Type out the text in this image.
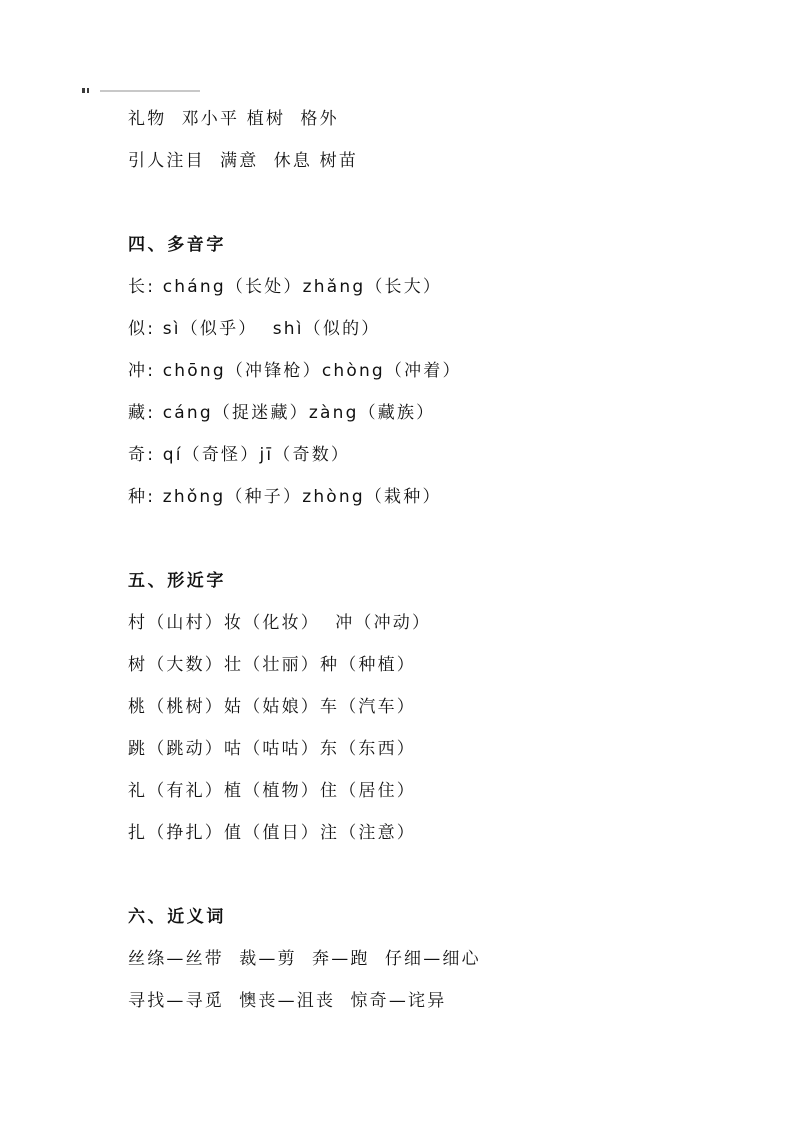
礼物  邓小平 植树  格外
引人注目  满意  休息 树苗
四、多音字
长: cháng（长处）zhǎng（长大）
似: sì（似乎）  shì（似的）
冲: chōng（冲锋枪）chòng（冲着）
藏: cáng（捉迷藏）zàng（藏族）
奇: qí（奇怪）jī（奇数）
种: zhǒng（种子）zhòng（栽种）
五、形近字
村（山村）妆（化妆）  冲（冲动）
树（大数）壮（壮丽）种（种植）
桃（桃树）姑（姑娘）车（汽车）
跳（跳动）咕（咕咕）东（东西）
礼（有礼）植（植物）住（居住）
扎（挣扎）值（值日）注（注意）
六、近义词
丝绦—丝带  裁—剪  奔—跑  仔细—细心
寻找—寻觅  懊丧—沮丧  惊奇—诧异
